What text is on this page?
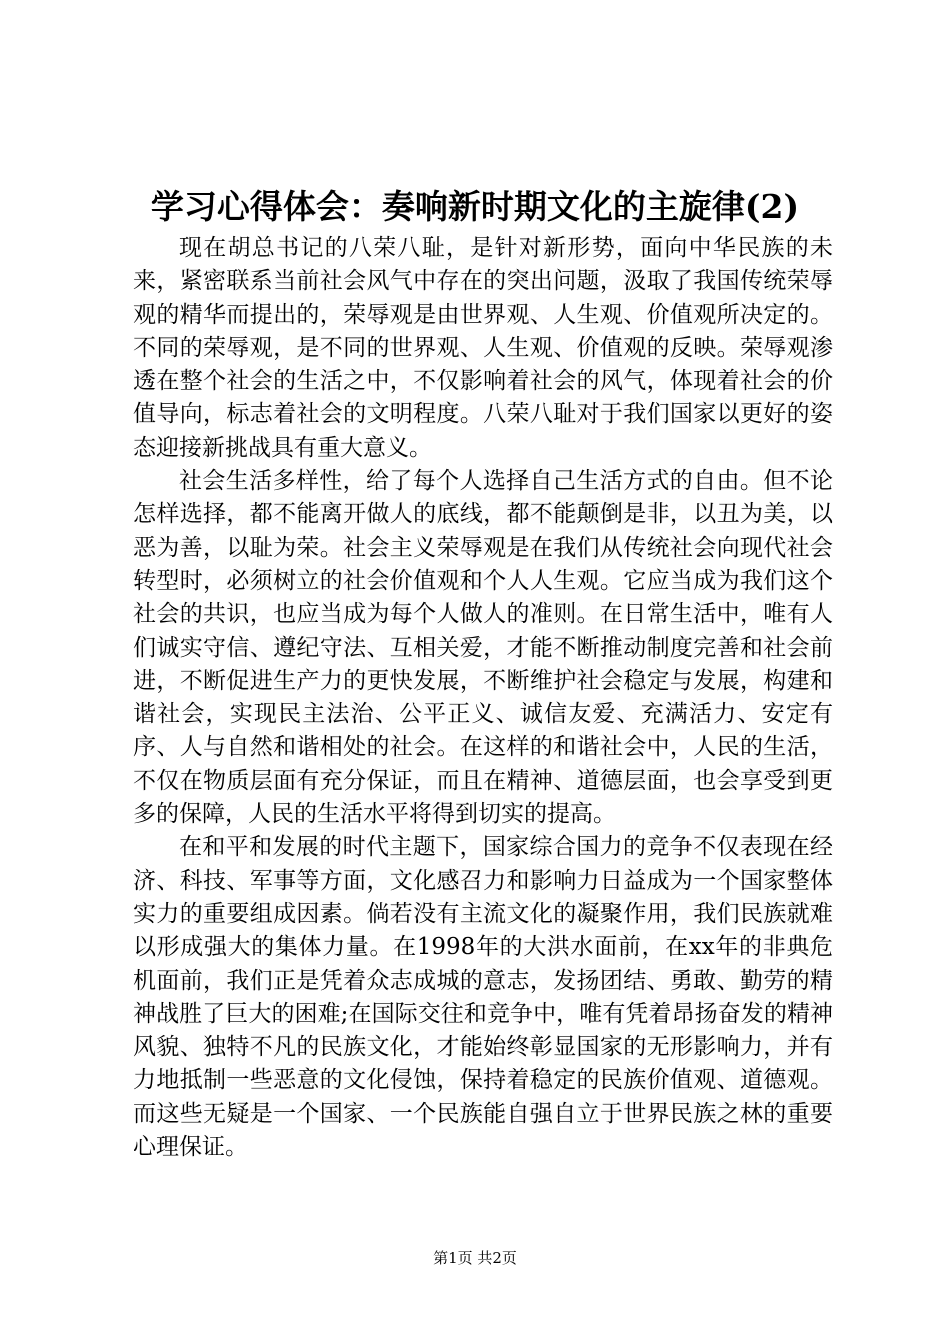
学习心得体会：奏响新时期文化的主旋律(2)

现在胡总书记的八荣八耻，是针对新形势，面向中华民族的未来，紧密联系当前社会风气中存在的突出问题，汲取了我国传统荣辱观的精华而提出的，荣辱观是由世界观、人生观、价值观所决定的。不同的荣辱观，是不同的世界观、人生观、价值观的反映。荣辱观渗透在整个社会的生活之中，不仅影响着社会的风气，体现着社会的价值导向，标志着社会的文明程度。八荣八耻对于我们国家以更好的姿态迎接新挑战具有重大意义。

社会生活多样性，给了每个人选择自己生活方式的自由。但不论怎样选择，都不能离开做人的底线，都不能颠倒是非，以丑为美，以恶为善，以耻为荣。社会主义荣辱观是在我们从传统社会向现代社会转型时，必须树立的社会价值观和个人人生观。它应当成为我们这个社会的共识，也应当成为每个人做人的准则。在日常生活中，唯有人们诚实守信、遵纪守法、互相关爱，才能不断推动制度完善和社会前进，不断促进生产力的更快发展，不断维护社会稳定与发展，构建和谐社会，实现民主法治、公平正义、诚信友爱、充满活力、安定有序、人与自然和谐相处的社会。在这样的和谐社会中，人民的生活，不仅在物质层面有充分保证，而且在精神、道德层面，也会享受到更多的保障，人民的生活水平将得到切实的提高。

在和平和发展的时代主题下，国家综合国力的竞争不仅表现在经济、科技、军事等方面，文化感召力和影响力日益成为一个国家整体实力的重要组成因素。倘若没有主流文化的凝聚作用，我们民族就难以形成强大的集体力量。在1998年的大洪水面前，在xx年的非典危机面前，我们正是凭着众志成城的意志，发扬团结、勇敢、勤劳的精神战胜了巨大的困难;在国际交往和竞争中，唯有凭着昂扬奋发的精神风貌、独特不凡的民族文化，才能始终彰显国家的无形影响力，并有力地抵制一些恶意的文化侵蚀，保持着稳定的民族价值观、道德观。而这些无疑是一个国家、一个民族能自强自立于世界民族之林的重要心理保证。

第1页 共2页
